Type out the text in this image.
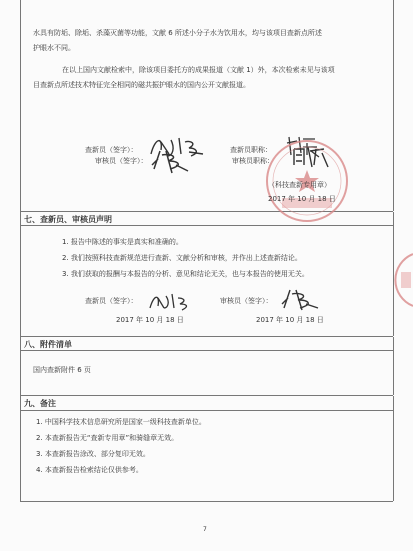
水具有防垢、除垢、杀藻灭菌等功能，文献 6 所述小分子水为饮用水，均与该项目查新点所述
护眼水不同。
在以上国内文献检索中，除该项目委托方的成果报道（文献 1）外，本次检索未见与该项
目查新点所述技术特征完全相同的磁共振护眼水的国内公开文献报道。
查新员（签字）：	查新员职称：
审核员（签字）：	审核员职称：
（科技查新专用章）
2017 年 10 月 18 日
七、查新员、审核员声明
1. 报告中陈述的事实是真实和准确的。
2. 我们按照科技查新规范进行查新、文献分析和审核，并作出上述查新结论。
3. 我们获取的报酬与本报告的分析、意见和结论无关，也与本报告的使用无关。
查新员（签字）：	审核员（签字）：
2017 年 10 月 18 日	2017 年 10 月 18 日
八、附件清单
国内查新附件 6 页
九、备注
1. 中国科学技术信息研究所是国家一级科技查新单位。
2. 本查新报告无“查新专用章”和骑缝章无效。
3. 本查新报告涂改、部分复印无效。
4. 本查新报告检索结论仅供参考。
7
